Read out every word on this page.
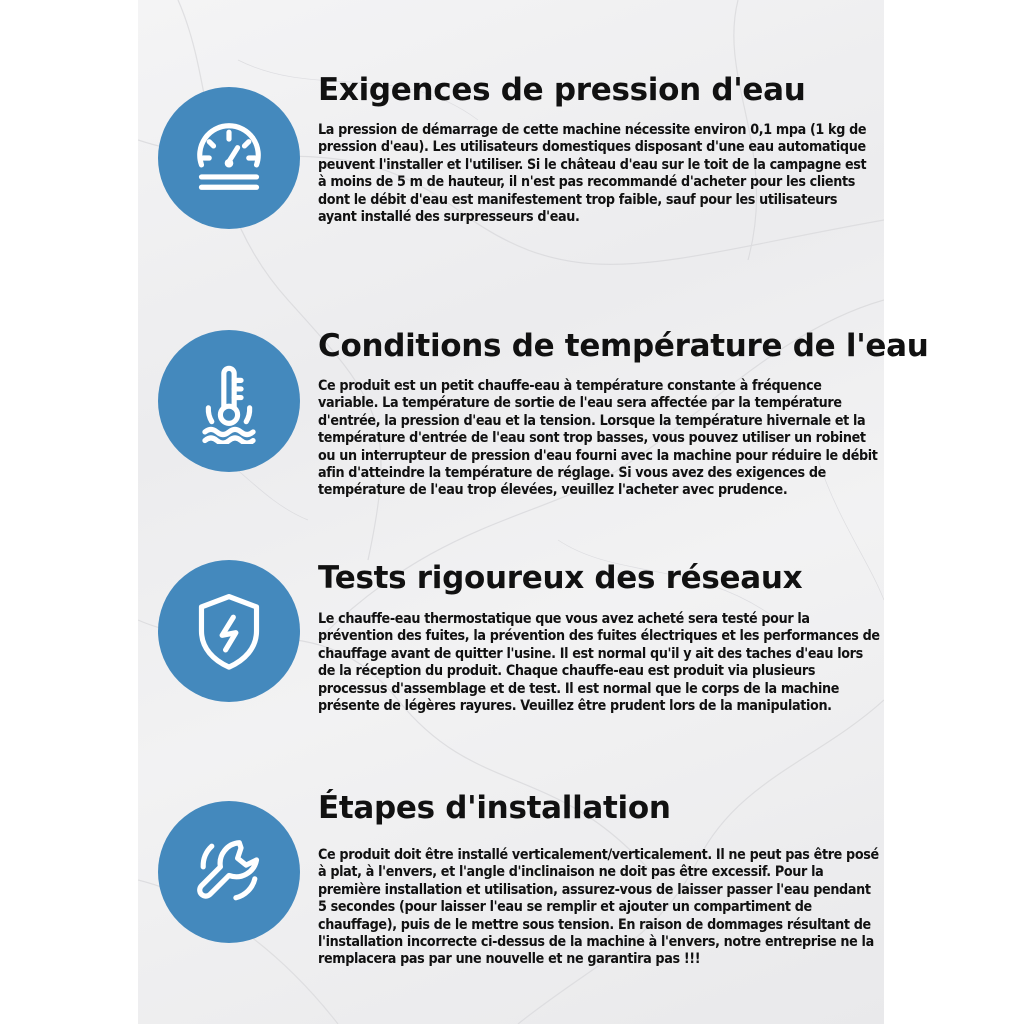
Exigences de pression d'eau

La pression de démarrage de cette machine nécessite environ 0,1 mpa (1 kg de pression d'eau). Les utilisateurs domestiques disposant d'une eau automatique peuvent l'installer et l'utiliser. Si le château d'eau sur le toit de la campagne est à moins de 5 m de hauteur, il n'est pas recommandé d'acheter pour les clients dont le débit d'eau est manifestement trop faible, sauf pour les utilisateurs ayant installé des surpresseurs d'eau.

Conditions de température de l'eau

Ce produit est un petit chauffe-eau à température constante à fréquence variable. La température de sortie de l'eau sera affectée par la température d'entrée, la pression d'eau et la tension. Lorsque la température hivernale et la température d'entrée de l'eau sont trop basses, vous pouvez utiliser un robinet ou un interrupteur de pression d'eau fourni avec la machine pour réduire le débit afin d'atteindre la température de réglage. Si vous avez des exigences de température de l'eau trop élevées, veuillez l'acheter avec prudence.

Tests rigoureux des réseaux

Le chauffe-eau thermostatique que vous avez acheté sera testé pour la prévention des fuites, la prévention des fuites électriques et les performances de chauffage avant de quitter l'usine. Il est normal qu'il y ait des taches d'eau lors de la réception du produit. Chaque chauffe-eau est produit via plusieurs processus d'assemblage et de test. Il est normal que le corps de la machine présente de légères rayures. Veuillez être prudent lors de la manipulation.

Étapes d'installation

Ce produit doit être installé verticalement/verticalement. Il ne peut pas être posé à plat, à l'envers, et l'angle d'inclinaison ne doit pas être excessif. Pour la première installation et utilisation, assurez-vous de laisser passer l'eau pendant 5 secondes (pour laisser l'eau se remplir et ajouter un compartiment de chauffage), puis de le mettre sous tension. En raison de dommages résultant de l'installation incorrecte ci-dessus de la machine à l'envers, notre entreprise ne la remplacera pas par une nouvelle et ne garantira pas !!!
